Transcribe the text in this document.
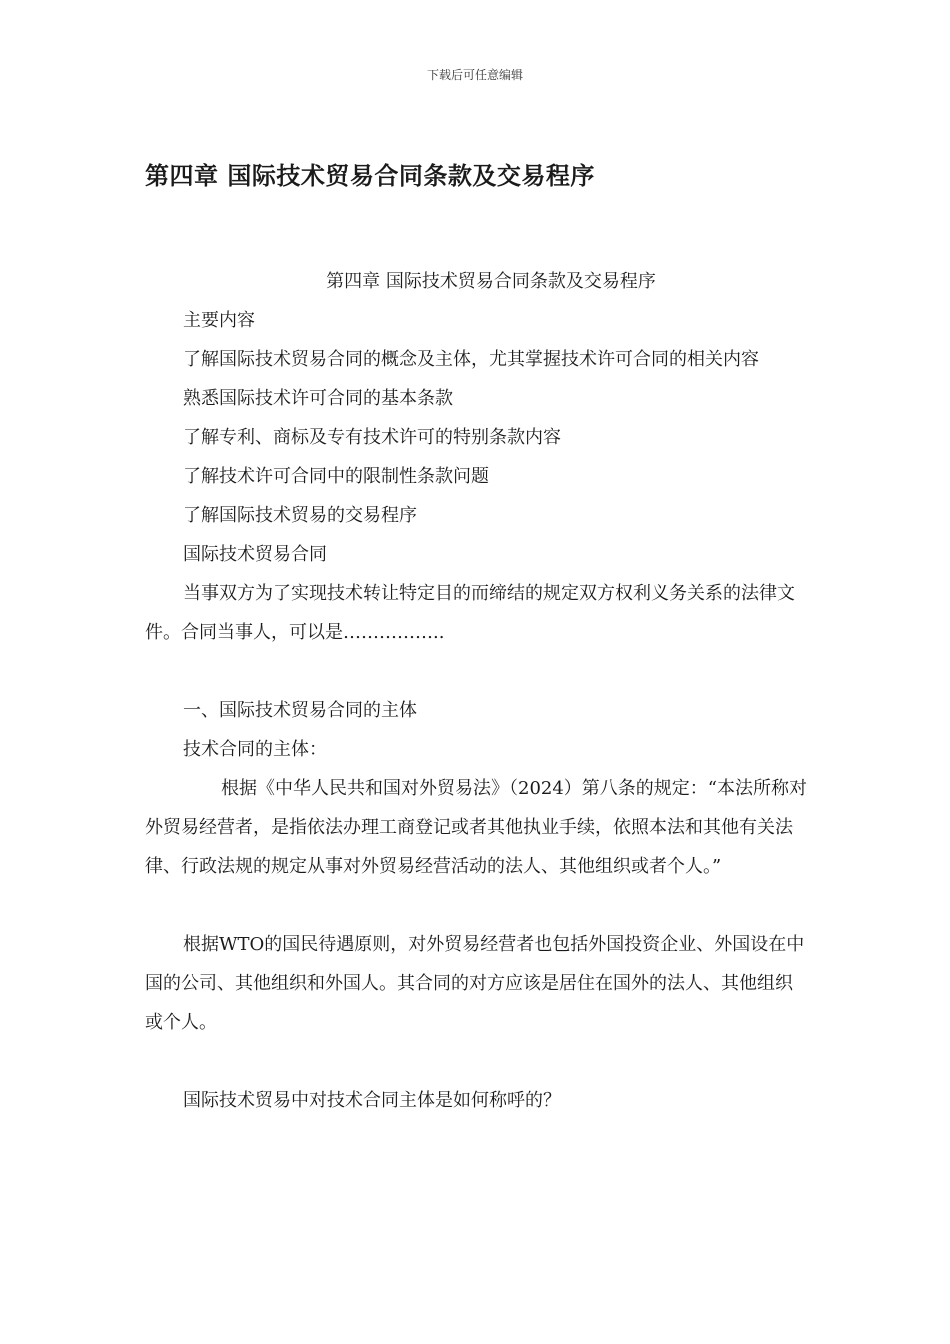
下载后可任意编辑
第四章 国际技术贸易合同条款及交易程序

第四章 国际技术贸易合同条款及交易程序

主要内容

了解国际技术贸易合同的概念及主体，尤其掌握技术许可合同的相关内容

熟悉国际技术许可合同的基本条款

了解专利、商标及专有技术许可的特别条款内容

了解技术许可合同中的限制性条款问题

了解国际技术贸易的交易程序

国际技术贸易合同

当事双方为了实现技术转让特定目的而缔结的规定双方权利义务关系的法律文件。合同当事人，可以是……………..

一、国际技术贸易合同的主体

技术合同的主体：

根据《中华人民共和国对外贸易法》（2024）第八条的规定：“本法所称对外贸易经营者，是指依法办理工商登记或者其他执业手续，依照本法和其他有关法律、行政法规的规定从事对外贸易经营活动的法人、其他组织或者个人。”

根据WTO的国民待遇原则，对外贸易经营者也包括外国投资企业、外国设在中国的公司、其他组织和外国人。其合同的对方应该是居住在国外的法人、其他组织或个人。

国际技术贸易中对技术合同主体是如何称呼的？
